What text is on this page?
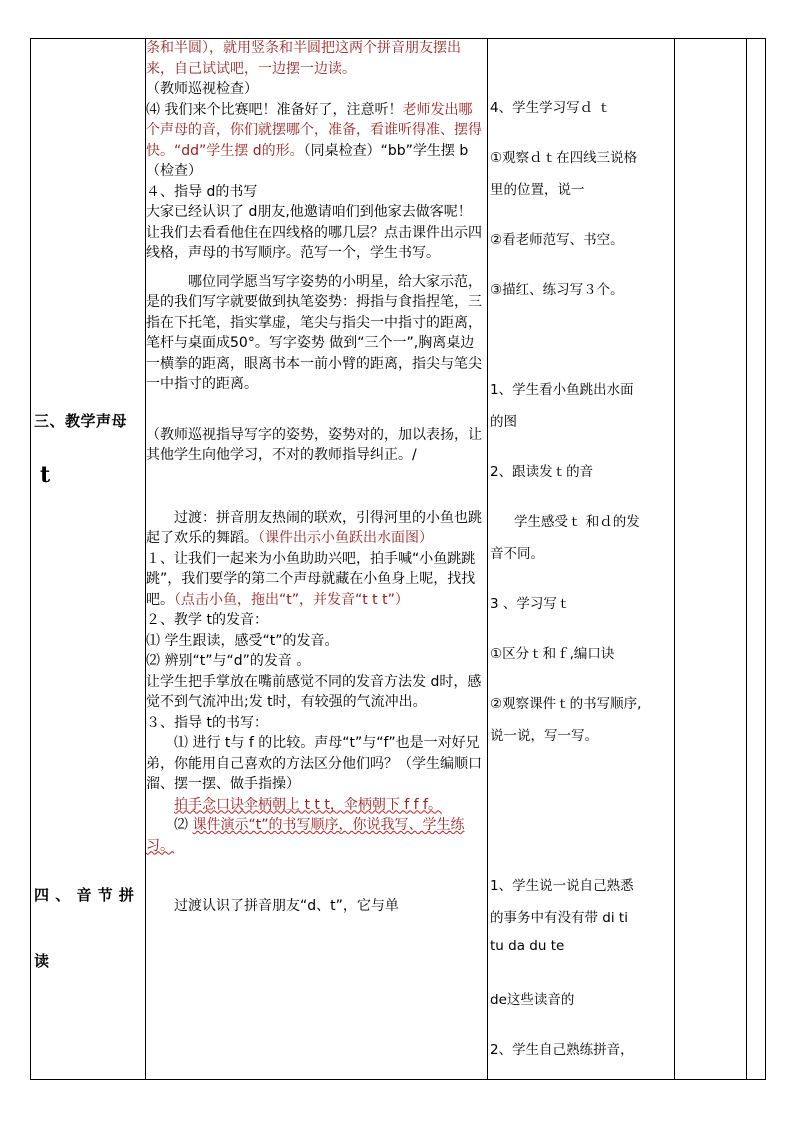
三、教学声母
t
四 、 音 节 拼
读

条和半圆），就用竖条和半圆把这两个拼音朋友摆出来，自己试试吧，一边摆一边读。

（教师巡视检查）

⑷ 我们来个比赛吧！准备好了，注意听！老师发出哪个声母的音，你们就摆哪个，准备，看谁听得准、摆得快。“dd”学生摆 d的形。（同桌检查）“bb”学生摆 b（检查）

４、指导 d的书写

大家已经认识了 d朋友,他邀请咱们到他家去做客呢！让我们去看看他住在四线格的哪几层？点击课件出示四线格，声母的书写顺序。范写一个，学生书写。

哪位同学愿当写字姿势的小明星，给大家示范， 是的我们写字就要做到执笔姿势：拇指与食指捏笔，三指在下托笔，指实掌虚，笔尖与指尖一中指寸的距离，笔杆与桌面成50°。写字姿势 做到“三个一”,胸离桌边一横拳的距离，眼离书本一前小臂的距离，指尖与笔尖一中指寸的距离。

（教师巡视指导写字的姿势，姿势对的，加以表扬，让其他学生向他学习，不对的教师指导纠正。/

过渡：拼音朋友热闹的联欢，引得河里的小鱼也跳起了欢乐的舞蹈。（课件出示小鱼跃出水面图）

１、让我们一起来为小鱼助助兴吧，拍手喊“小鱼跳跳跳”，我们要学的第二个声母就藏在小鱼身上呢，找找吧。（点击小鱼，拖出“t”，并发音“t t t”）

２、教学 t的发音：

⑴ 学生跟读，感受“t”的发音。

⑵ 辨别“t”与“d”的发音 。

让学生把手掌放在嘴前感觉不同的发音方法发 d时，感觉不到气流冲出;发 t时，有较强的气流冲出。

３、指导 t的书写：

⑴ 进行 t与 f 的比较。声母“t”与“f”也是一对好兄弟，你能用自己喜欢的方法区分他们吗？（学生编顺口溜、摆一摆、做手指操）

拍手念口诀伞柄朝上 t t t，伞柄朝下 f f f。

⑵ 课件演示“t”的书写顺序，你说我写、学生练习。

过渡认识了拼音朋友“d、t”，它与单

4、学生学习写ｄ ｔ
①观察ｄｔ在四线三说格
里的位置，说一
②看老师范写、书空。
③描红、练习写３个。
1、学生看小鱼跳出水面
的图
2、跟读发ｔ的音
学生感受ｔ 和ｄ的发
音不同。
3 、学习写ｔ
①区分ｔ和ｆ,编口诀
②观察课件ｔ的书写顺序,
说一说，写一写。
1、学生说一说自己熟悉
的事务中有没有带 di ti
tu da du te
de这些读音的
2、学生自己熟练拼音，
